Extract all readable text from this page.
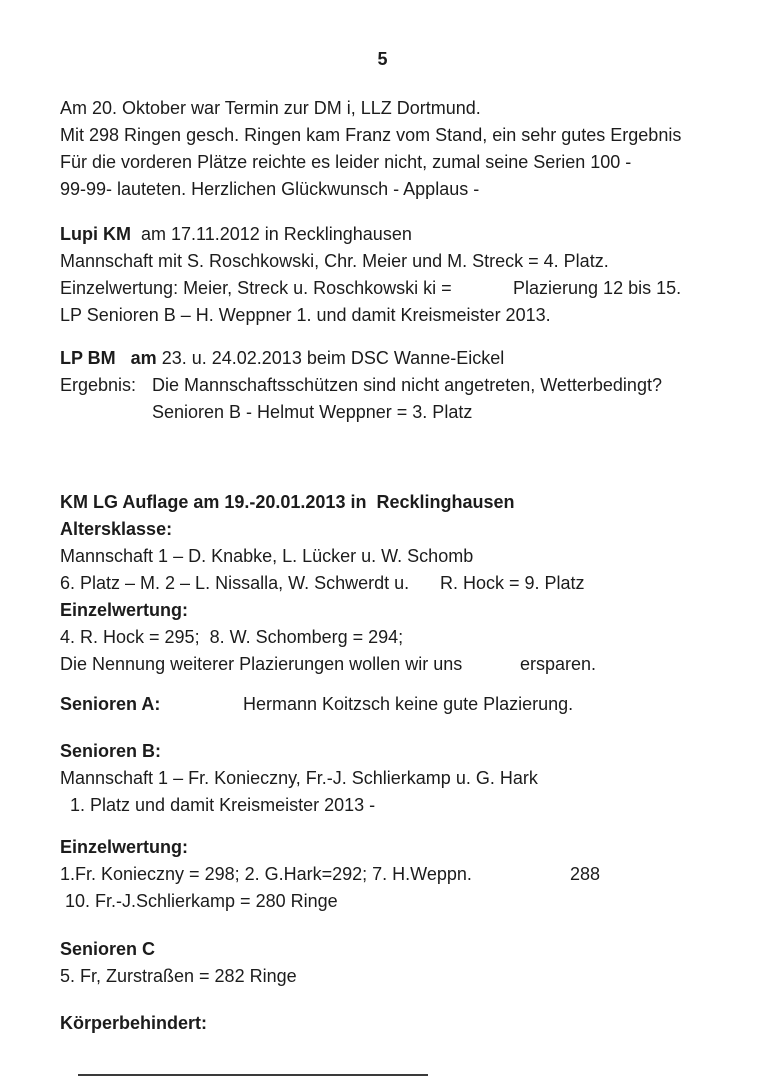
5
Am 20. Oktober war Termin zur DM i, LLZ Dortmund.
Mit 298 Ringen gesch. Ringen kam Franz vom Stand, ein sehr gutes Ergebnis
Für die vorderen Plätze reichte es leider nicht, zumal seine Serien 100 -
99-99- lauteten. Herzlichen Glückwunsch - Applaus -
Lupi KM  am 17.11.2012 in Recklinghausen
Mannschaft mit S. Roschkowski, Chr. Meier und M. Streck = 4. Platz.
Einzelwertung: Meier, Streck u. Roschkowski ki =	Plazierung 12 bis 15.
LP Senioren B – H. Weppner 1. und damit Kreismeister 2013.
LP BM   am 23. u. 24.02.2013 beim DSC Wanne-Eickel
Ergebnis: Die Mannschaftsschützen sind nicht angetreten, Wetterbedingt?
Senioren B - Helmut Weppner = 3. Platz
KM LG Auflage am 19.-20.01.2013 in  Recklinghausen
Altersklasse:
Mannschaft 1 – D. Knabke, L. Lücker u. W. Schomb
6. Platz – M. 2 – L. Nissalla, W. Schwerdt u. R. Hock = 9. Platz
Einzelwertung:
4. R. Hock = 295;  8. W. Schomberg = 294;
Die Nennung weiterer Plazierungen wollen wir uns	ersparen.
Senioren A:	Hermann Koitzsch keine gute Plazierung.
Senioren B:
Mannschaft 1 – Fr. Konieczny, Fr.-J. Schlierkamp u. G. Hark
1. Platz und damit Kreismeister 2013 -
Einzelwertung:
1.Fr. Konieczny = 298; 2. G.Hark=292; 7. H.Weppn.	288
10. Fr.-J.Schlierkamp = 280 Ringe
Senioren C
5. Fr, Zurstraßen = 282 Ringe
Körperbehindert:
